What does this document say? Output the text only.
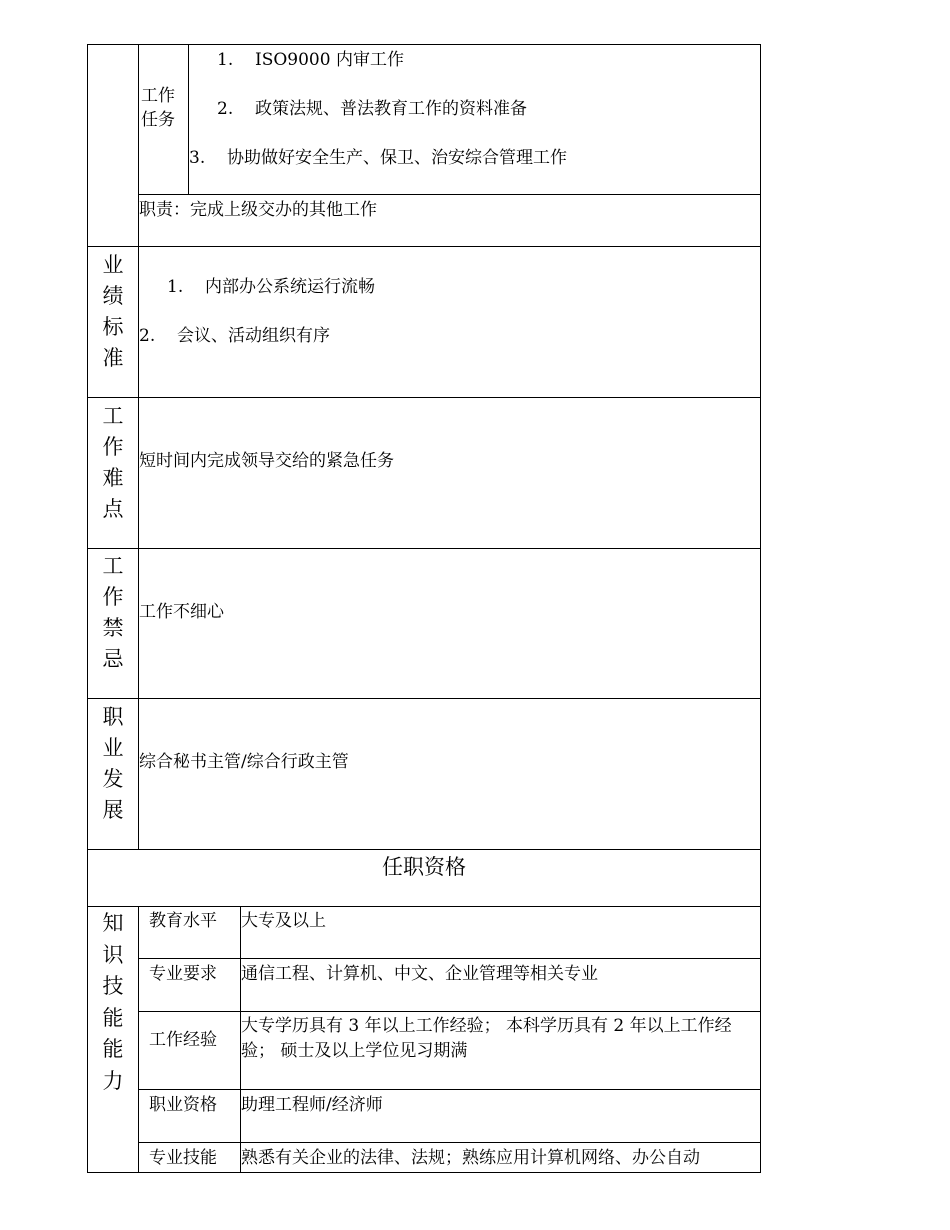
工作任务
1. ISO9000 内审工作
2. 政策法规、普法教育工作的资料准备
3. 协助做好安全生产、保卫、治安综合管理工作
职责：完成上级交办的其他工作
业
绩
标
准
1. 内部办公系统运行流畅
2. 会议、活动组织有序
工
作
难
点
短时间内完成领导交给的紧急任务
工
作
禁
忌
工作不细心
职
业
发
展
综合秘书主管/综合行政主管
任职资格
知
识
技
能
能
力
教育水平 大专及以上
专业要求 通信工程、计算机、中文、企业管理等相关专业
工作经验
大专学历具有 3 年以上工作经验； 本科学历具有 2 年以上工作经验； 硕士及以上学位见习期满
职业资格 助理工程师/经济师
专业技能 熟悉有关企业的法律、法规；熟练应用计算机网络、办公自动
